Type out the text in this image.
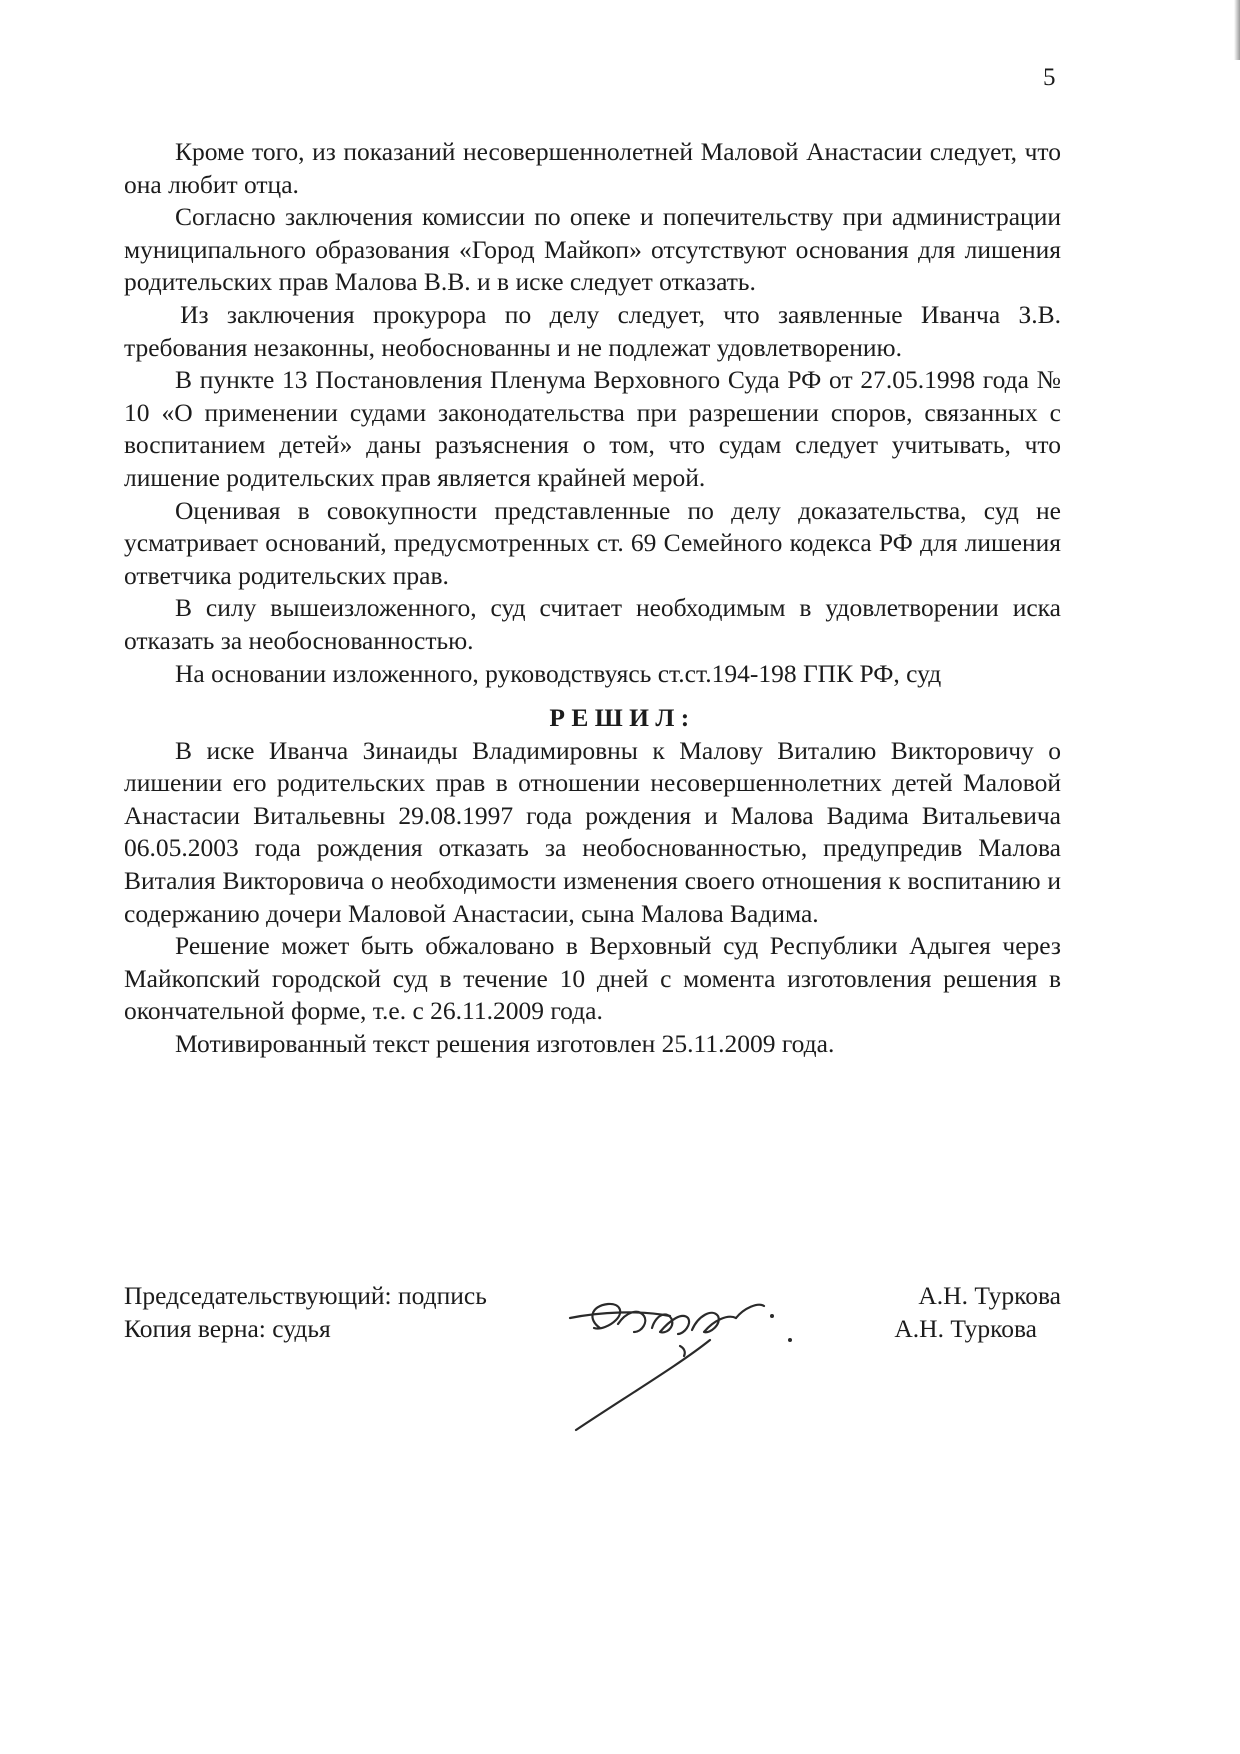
5

Кроме того, из показаний несовершеннолетней Маловой Анастасии следует, что она любит отца.

Согласно заключения комиссии по опеке и попечительству при администрации муниципального образования «Город Майкоп» отсутствуют основания для лишения родительских прав Малова В.В. и в иске следует отказать.

Из заключения прокурора по делу следует, что заявленные Иванча З.В. требования незаконны, необоснованны и не подлежат удовлетворению.

В пункте 13 Постановления Пленума Верховного Суда РФ от 27.05.1998 года № 10 «О применении судами законодательства при разрешении споров, связанных с воспитанием детей» даны разъяснения о том, что судам следует учитывать, что лишение родительских прав является крайней мерой.

Оценивая в совокупности представленные по делу доказательства, суд не усматривает оснований, предусмотренных ст. 69 Семейного кодекса РФ для лишения ответчика родительских прав.

В силу вышеизложенного, суд считает необходимым в удовлетворении иска отказать за необоснованностью.

На основании изложенного, руководствуясь ст.ст.194-198 ГПК РФ, суд

РЕШИЛ:

В иске Иванча Зинаиды Владимировны к Малову Виталию Викторовичу о лишении его родительских прав в отношении несовершеннолетних детей Маловой Анастасии Витальевны 29.08.1997 года рождения и Малова Вадима Витальевича 06.05.2003 года рождения отказать за необоснованностью, предупредив Малова Виталия Викторовича о необходимости изменения своего отношения к воспитанию и содержанию дочери Маловой Анастасии, сына Малова Вадима.

Решение может быть обжаловано в Верховный суд Республики Адыгея через Майкопский городской суд в течение 10 дней с момента изготовления решения в окончательной форме, т.е. с 26.11.2009 года.

Мотивированный текст решения изготовлен 25.11.2009 года.

Председательствующий: подпись	А.Н. Туркова
Копия верна: судья	А.Н. Туркова
